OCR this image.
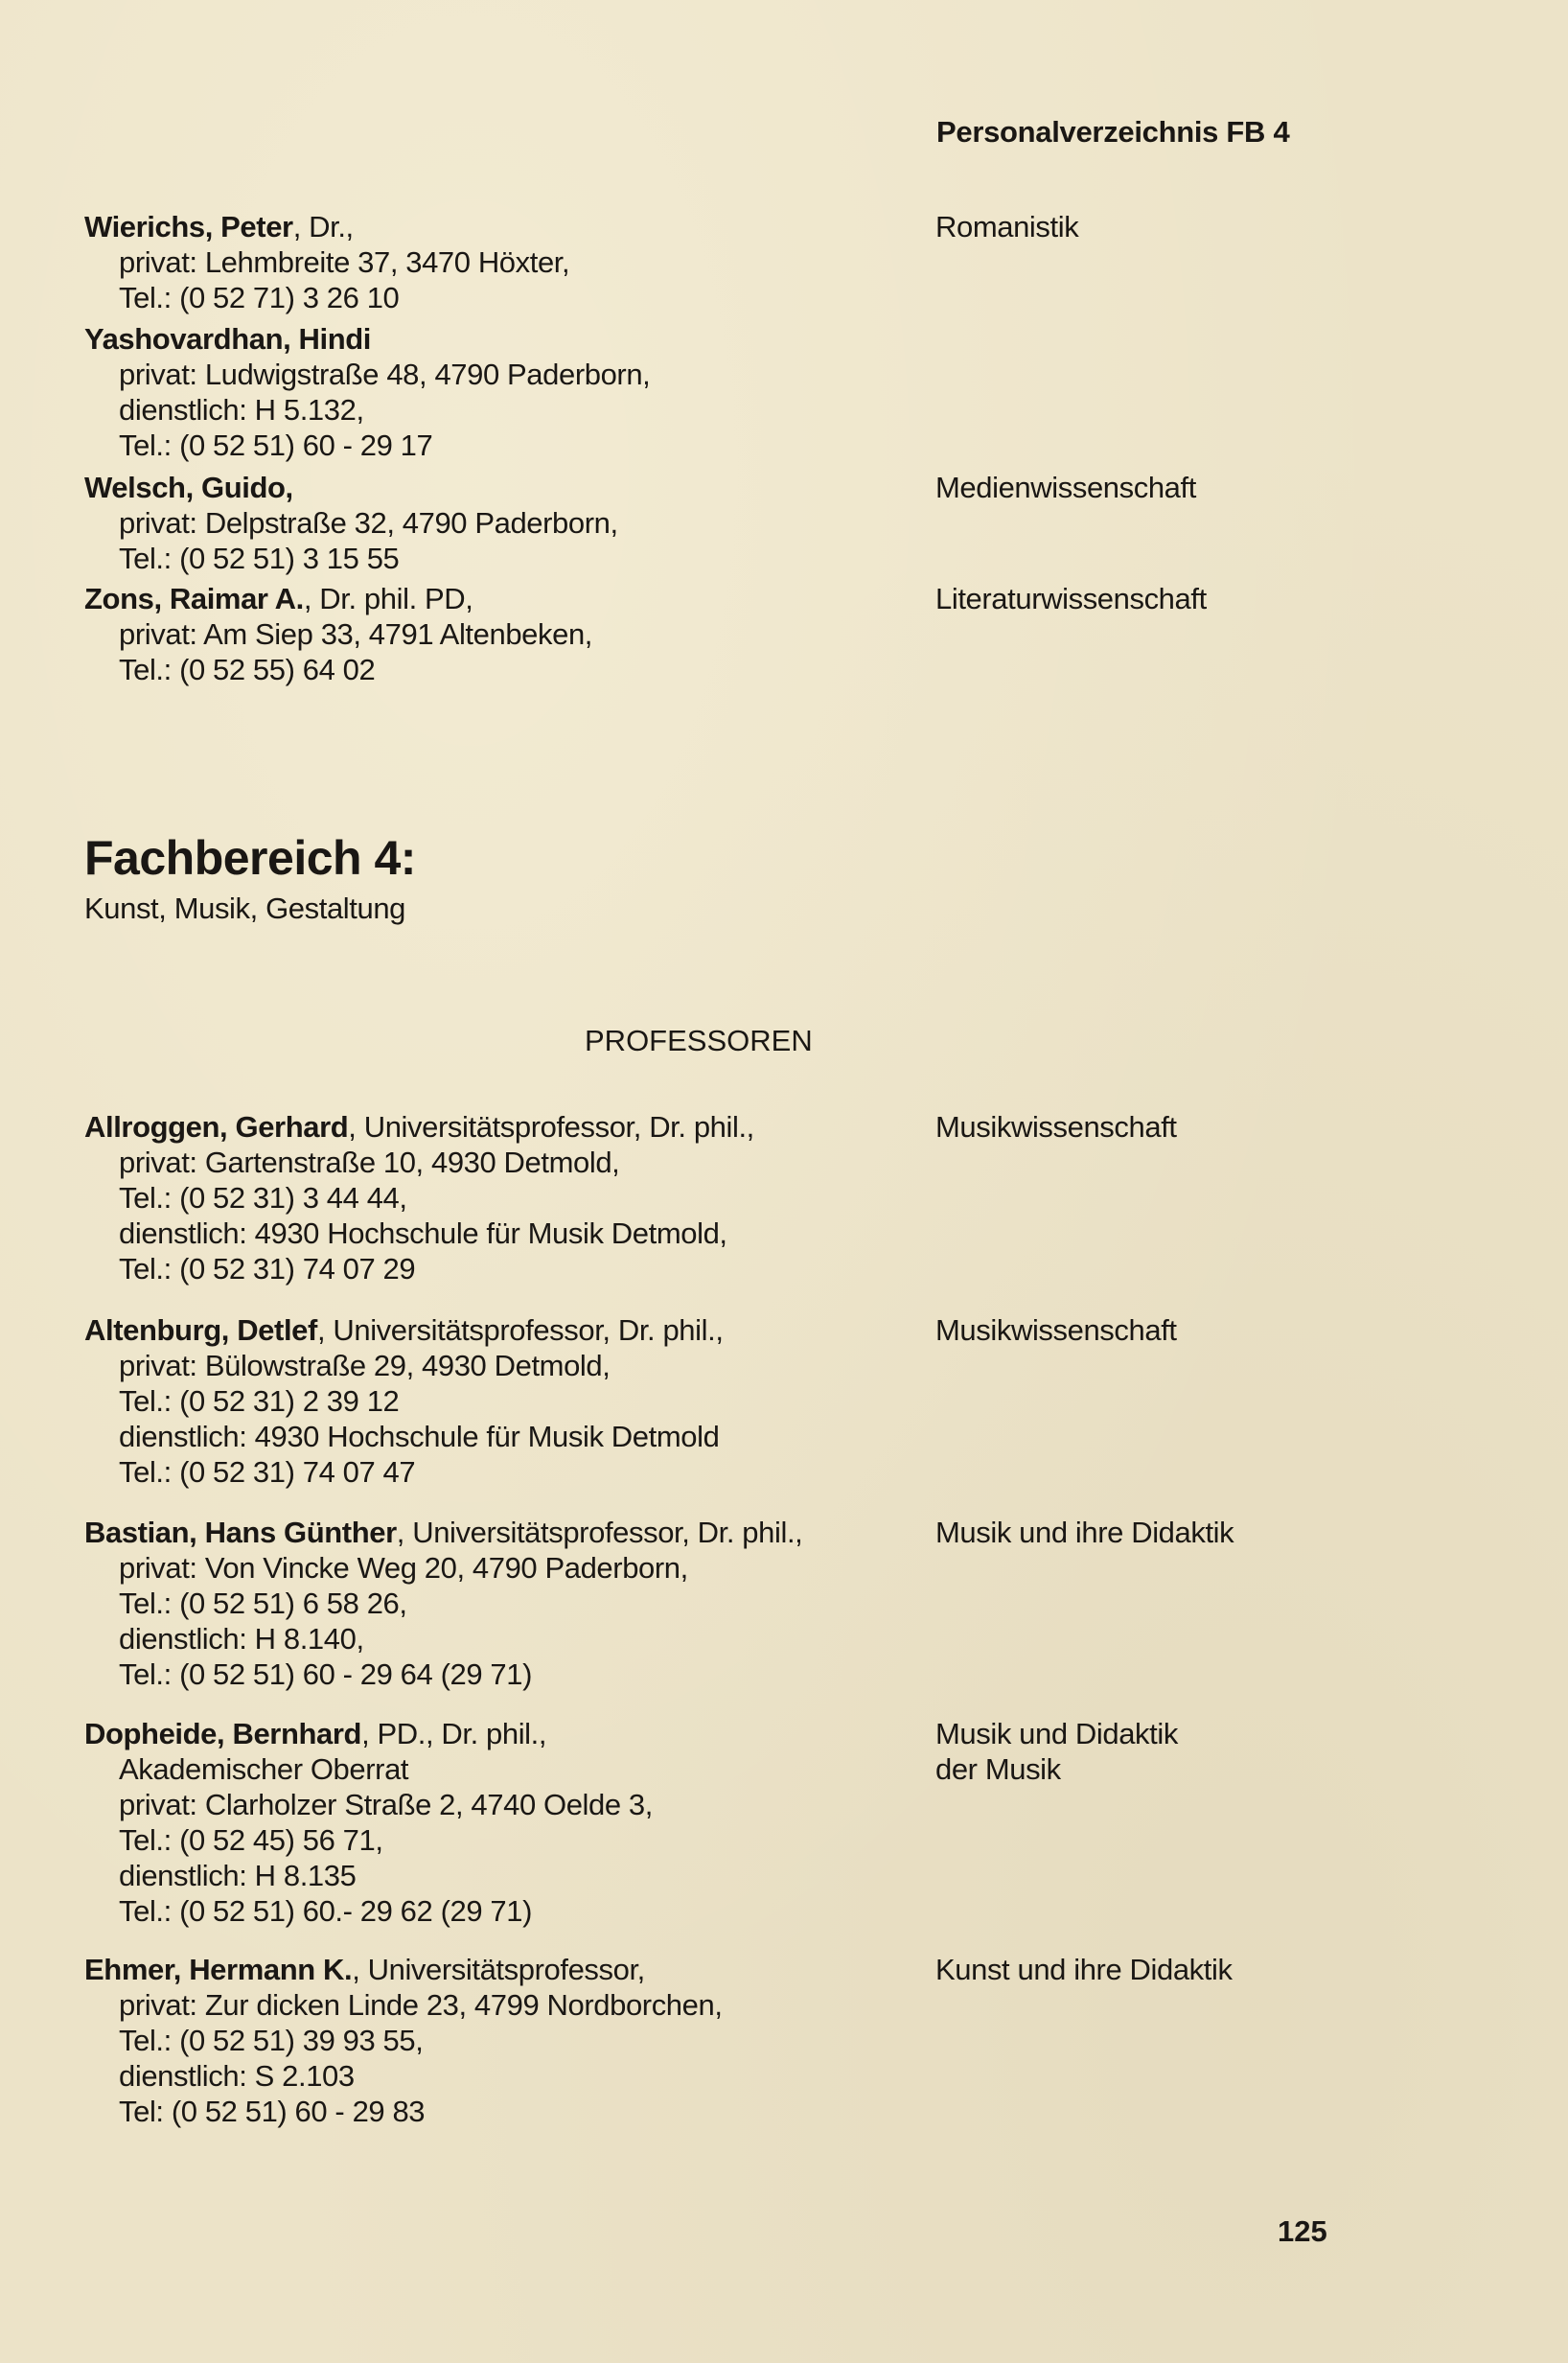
Personalverzeichnis FB 4
Wierichs, Peter, Dr.,
privat: Lehmbreite 37, 3470 Höxter,
Tel.: (0 52 71) 3 26 10
Romanistik
Yashovardhan, Hindi
privat: Ludwigstraße 48, 4790 Paderborn,
dienstlich: H 5.132,
Tel.: (0 52 51) 60 - 29 17
Welsch, Guido,
privat: Delpstraße 32, 4790 Paderborn,
Tel.: (0 52 51) 3 15 55
Medienwissenschaft
Zons, Raimar A., Dr. phil. PD,
privat: Am Siep 33, 4791 Altenbeken,
Tel.: (0 52 55) 64 02
Literaturwissenschaft
Fachbereich 4:
Kunst, Musik, Gestaltung
PROFESSOREN
Allroggen, Gerhard, Universitätsprofessor, Dr. phil.,
privat: Gartenstraße 10, 4930 Detmold,
Tel.: (0 52 31) 3 44 44,
dienstlich: 4930 Hochschule für Musik Detmold,
Tel.: (0 52 31) 74 07 29
Musikwissenschaft
Altenburg, Detlef, Universitätsprofessor, Dr. phil.,
privat: Bülowstraße 29, 4930 Detmold,
Tel.: (0 52 31) 2 39 12
dienstlich: 4930 Hochschule für Musik Detmold
Tel.: (0 52 31) 74 07 47
Musikwissenschaft
Bastian, Hans Günther, Universitätsprofessor, Dr. phil.,
privat: Von Vincke Weg 20, 4790 Paderborn,
Tel.: (0 52 51) 6 58 26,
dienstlich: H 8.140,
Tel.: (0 52 51) 60 - 29 64 (29 71)
Musik und ihre Didaktik
Dopheide, Bernhard, PD., Dr. phil.,
Akademischer Oberrat
privat: Clarholzer Straße 2, 4740 Oelde 3,
Tel.: (0 52 45) 56 71,
dienstlich: H 8.135
Tel.: (0 52 51) 60.- 29 62 (29 71)
Musik und Didaktik
der Musik
Ehmer, Hermann K., Universitätsprofessor,
privat: Zur dicken Linde 23, 4799 Nordborchen,
Tel.: (0 52 51) 39 93 55,
dienstlich: S 2.103
Tel: (0 52 51) 60 - 29 83
Kunst und ihre Didaktik
125
